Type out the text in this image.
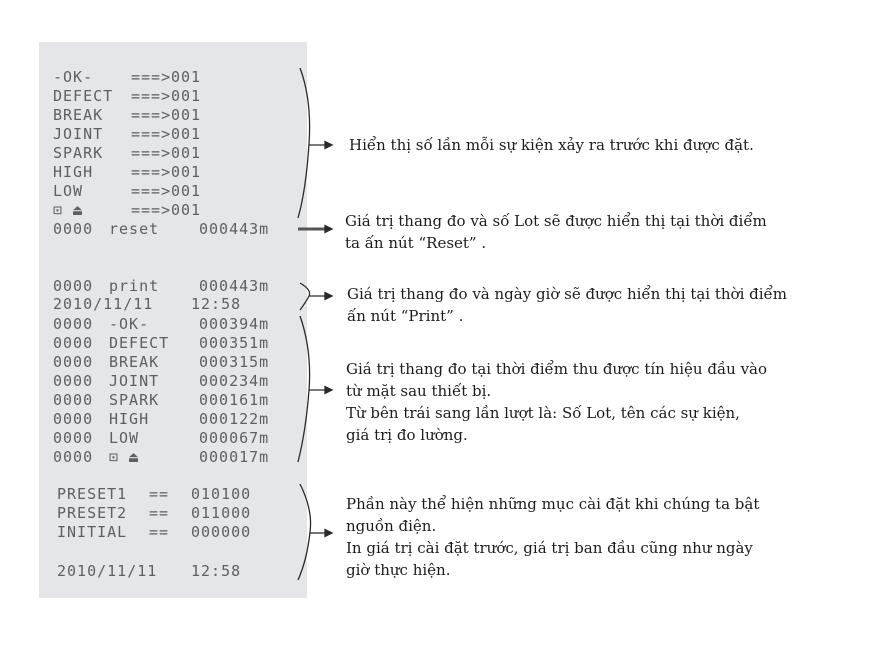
-OK-	===> 001
DEFECT ===> 001
BREAK ===> 001
JOINT ===> 001
SPARK ===> 001
HIGH	===> 001
LOW	===> 001
⊡ ⏏	===> 001
0000 reset	000443m
0000 print	000443m
2010/11/11	12:58
0000 -OK-	000394m
0000 DEFECT 000351m
0000 BREAK	000315m
0000 JOINT	000234m
0000 SPARK	000161m
0000 HIGH	000122m
0000 LOW	000067m
0000 ⊡ ⏏	000017m
PRESET1 == 010100
PRESET2 == 011000
INITIAL == 000000
2010/11/11 12:58
Hiển thị số lần mỗi sự kiện xảy ra trước khi được đặt.
Giá trị thang đo và số Lot sẽ được hiển thị tại thời điểm
ta ấn nút “Reset” .
Giá trị thang đo và ngày giờ sẽ được hiển thị tại thời điểm
ấn nút “Print” .
Giá trị thang đo tại thời điểm thu được tín hiệu đầu vào
từ mặt sau thiết bị.
Từ bên trái sang lần lượt là: Số Lot, tên các sự kiện,
giá trị đo lường.
Phần này thể hiện những mục cài đặt khi chúng ta bật
nguồn điện.
In giá trị cài đặt trước, giá trị ban đầu cũng như ngày
giờ thực hiện.
